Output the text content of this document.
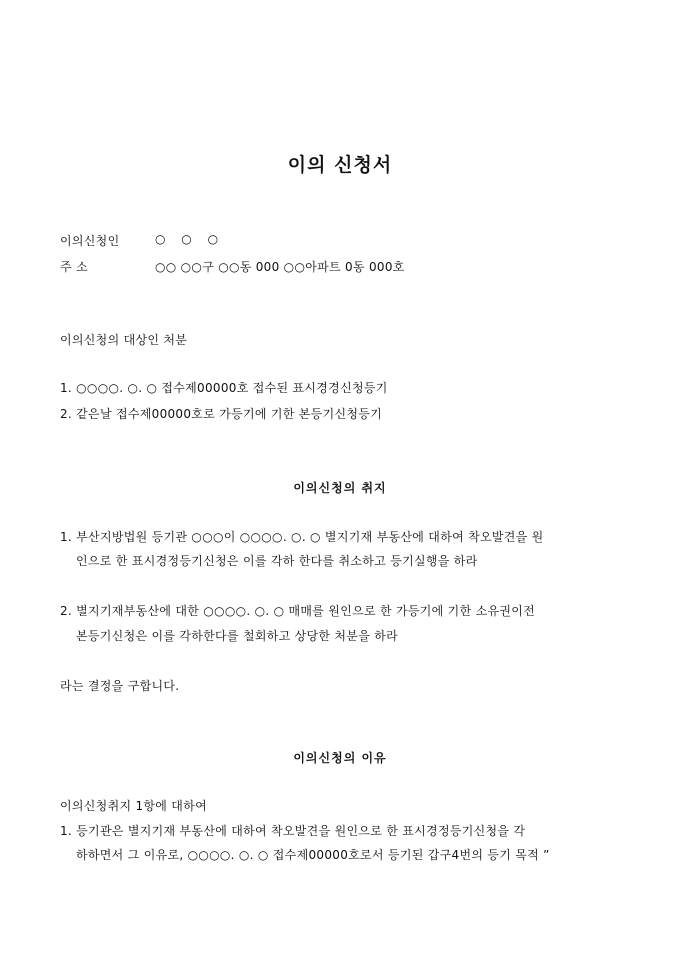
이의 신청서
이의신청인	○ ○ ○
주 소	○○ ○○구 ○○동 000 ○○아파트 0동 000호
이의신청의 대상인 처분
1. ○○○○. ○. ○ 접수제00000호 접수된 표시경경신청등기
2. 같은날 접수제00000호로 가등기에 기한 본등기신청등기
이의신청의 취지
1. 부산지방법원 등기관 ○○○이 ○○○○. ○. ○ 별지기재 부동산에 대하여 착오발견을 원
인으로 한 표시경정등기신청은 이를 각하 한다를 취소하고 등기실행을 하라
2. 별지기재부동산에 대한 ○○○○. ○. ○ 매매를 원인으로 한 가등기에 기한 소유권이전
본등기신청은 이를 각하한다를 철회하고 상당한 처분을 하라
라는 결정을 구합니다.
이의신청의 이유
이의신청취지 1항에 대하여
1. 등기관은 별지기재 부동산에 대하여 착오발견을 원인으로 한 표시경정등기신청을 각
하하면서 그 이유로, ○○○○. ○. ○ 접수제00000호로서 등기된 갑구4번의 등기 목적 ”
